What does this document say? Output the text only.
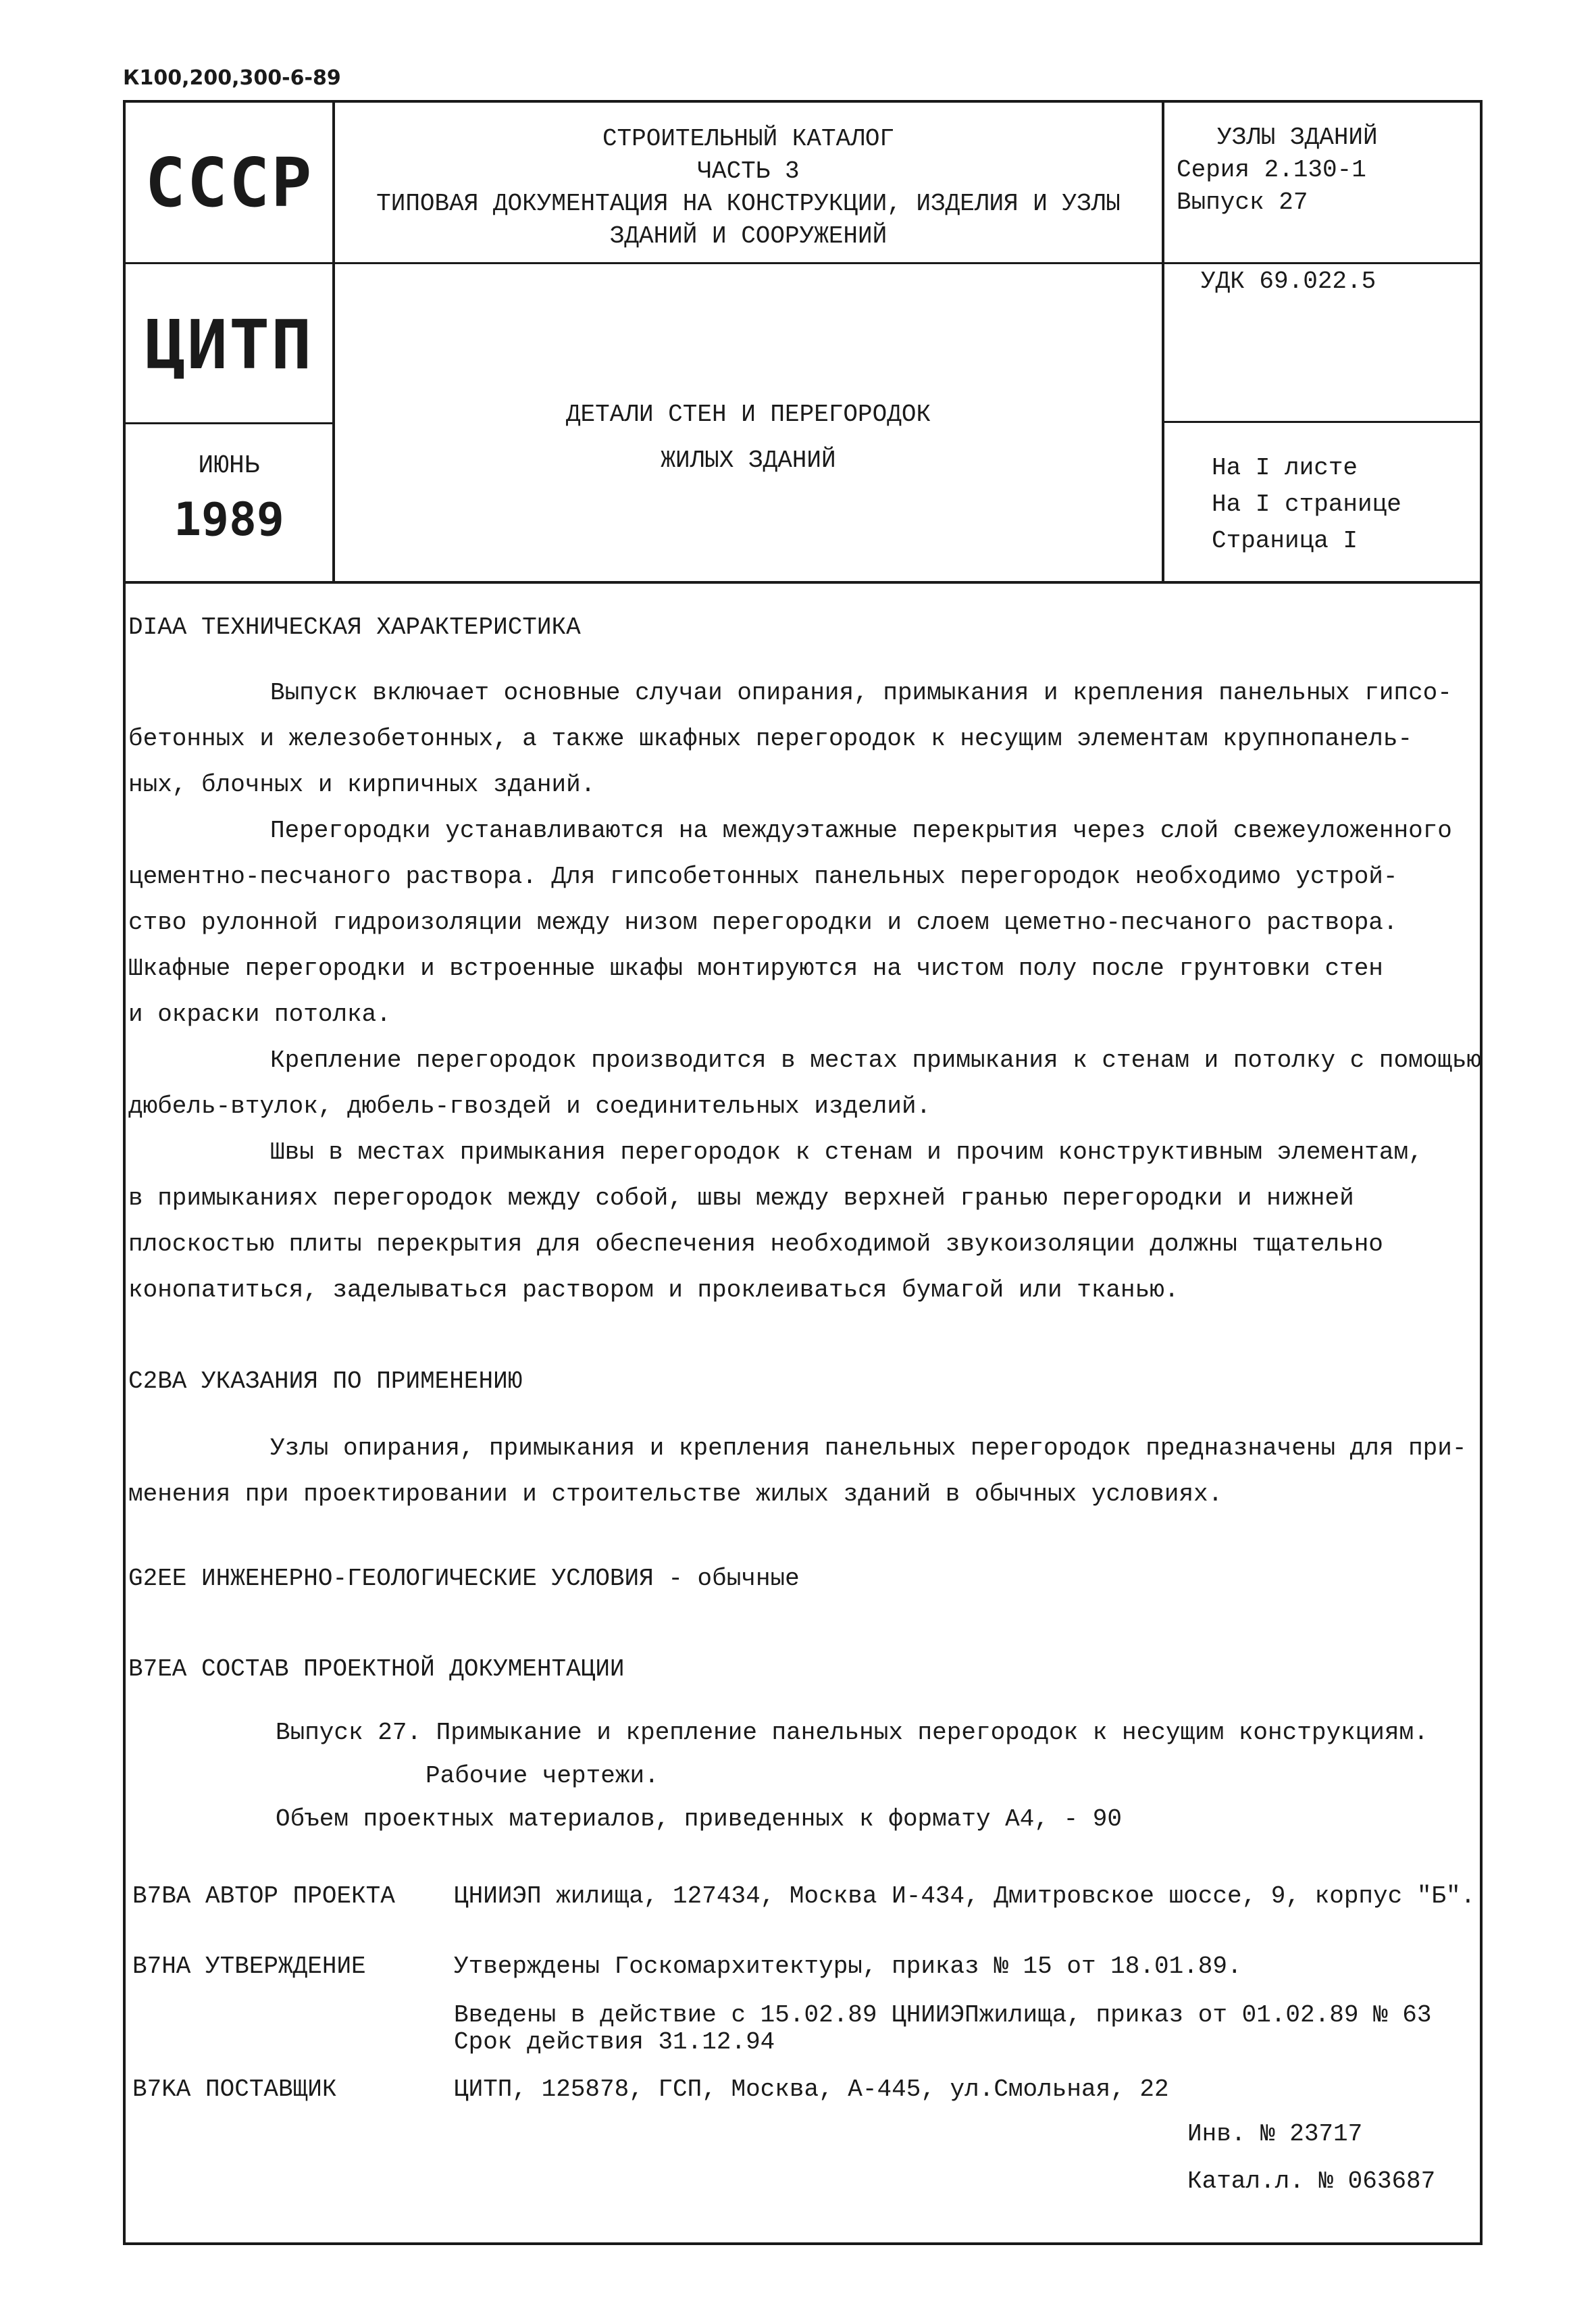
К100,200,300-6-89
СССР
ЦИТП
ИЮНЬ
1989
СТРОИТЕЛЬНЫЙ КАТАЛОГ
ЧАСТЬ 3
ТИПОВАЯ ДОКУМЕНТАЦИЯ НА КОНСТРУКЦИИ, ИЗДЕЛИЯ И УЗЛЫ
ЗДАНИЙ И СООРУЖЕНИЙ
ДЕТАЛИ СТЕН И ПЕРЕГОРОДОК
ЖИЛЫХ ЗДАНИЙ
УЗЛЫ ЗДАНИЙ
Серия 2.130-1
Выпуск 27
УДК 69.022.5
На I листе
На I странице
Страница I
DIAA ТЕХНИЧЕСКАЯ ХАРАКТЕРИСТИКА
Выпуск включает основные случаи опирания, примыкания и крепления панельных гипсо-
бетонных и железобетонных, а также шкафных перегородок к несущим элементам крупнопанель-
ных, блочных и кирпичных зданий.
Перегородки устанавливаются на междуэтажные перекрытия через слой свежеуложенного
цементно-песчаного раствора. Для гипсобетонных панельных перегородок необходимо устрой-
ство рулонной гидроизоляции между низом перегородки и слоем цеметно-песчаного раствора.
Шкафные перегородки и встроенные шкафы монтируются на чистом полу после грунтовки стен
и окраски потолка.
Крепление перегородок производится в местах примыкания к стенам и потолку с помощью
дюбель-втулок, дюбель-гвоздей и соединительных изделий.
Швы в местах примыкания перегородок к стенам и прочим конструктивным элементам,
в примыканиях перегородок между собой, швы между верхней гранью перегородки и нижней
плоскостью плиты перекрытия для обеспечения необходимой звукоизоляции должны тщательно
конопатиться, заделываться раствором и проклеиваться бумагой или тканью.
C2BA УКАЗАНИЯ ПО ПРИМЕНЕНИЮ
Узлы опирания, примыкания и крепления панельных перегородок предназначены для при-
менения при проектировании и строительстве жилых зданий в обычных условиях.
G2EE ИНЖЕНЕРНО-ГЕОЛОГИЧЕСКИЕ УСЛОВИЯ - обычные
B7EA СОСТАВ ПРОЕКТНОЙ ДОКУМЕНТАЦИИ
Выпуск 27. Примыкание и крепление панельных перегородок к несущим конструкциям.
Рабочие чертежи.
Объем проектных материалов, приведенных к формату А4, - 90
B7BA АВТОР ПРОЕКТА ЦНИИЭП жилища, 127434, Москва И-434, Дмитровское шоссе, 9, корпус "Б".
B7HA УТВЕРЖДЕНИЕ	Утверждены Госкомархитектуры, приказ № 15 от 18.01.89.
Введены в действие с 15.02.89 ЦНИИЭПжилища, приказ от 01.02.89 № 63
Срок действия 31.12.94
B7KA ПОСТАВЩИК	ЦИТП, 125878, ГСП, Москва, А-445, ул.Смольная, 22
Инв. № 23717
Катал.л. № 063687
